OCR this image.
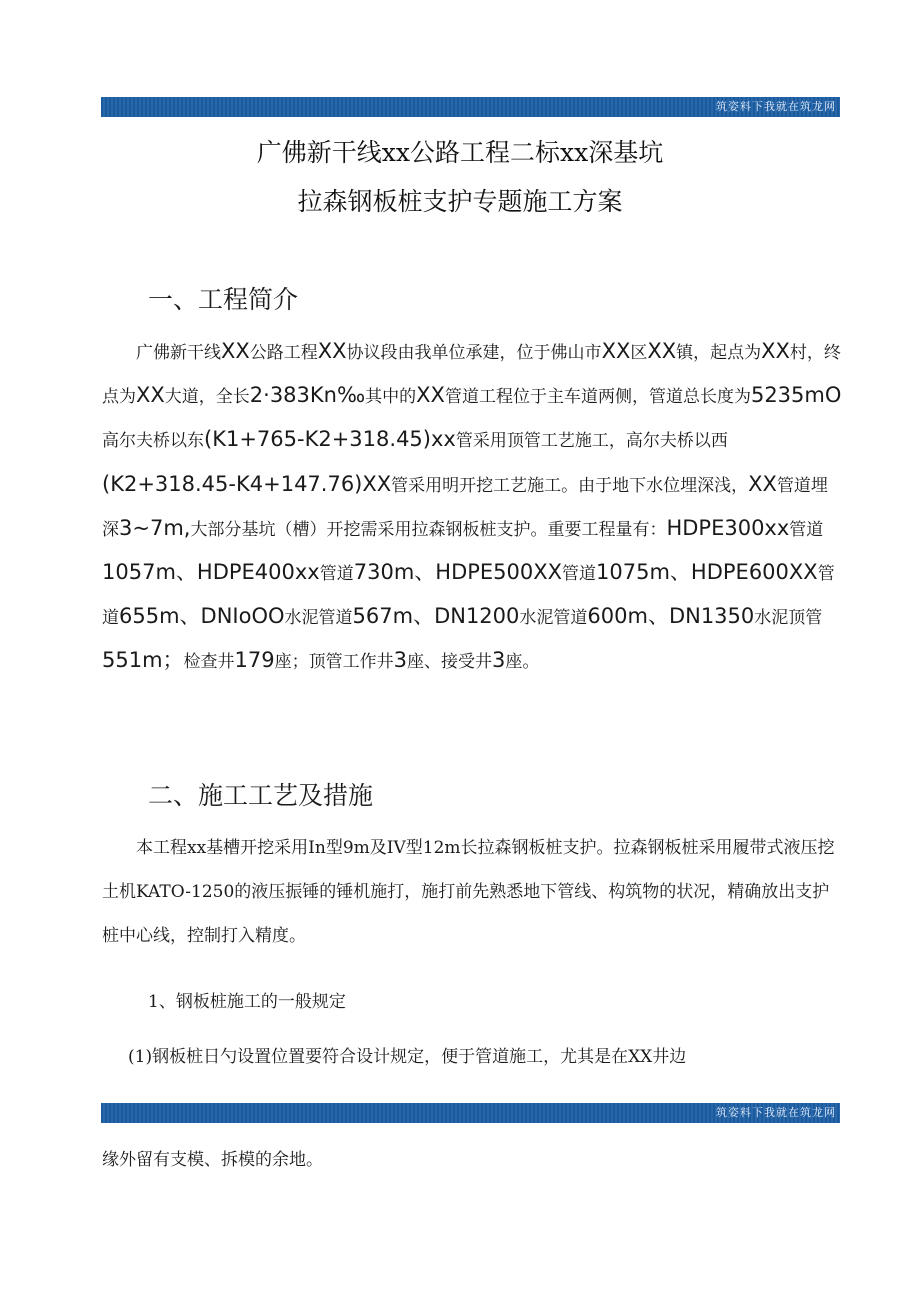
筑姿料下我就在筑龙网
广佛新干线xx公路工程二标xx深基坑
拉森钢板桩支护专题施工方案
一、工程简介

广佛新干线XX公路工程XX协议段由我单位承建，位于佛山市XX区XX镇，起点为XX村，终点为XX大道，全长2·383Kn‰其中的XX管道工程位于主车道两侧，管道总长度为5235mO高尔夫桥以东(K1+765-K2+318.45)xx管采用顶管工艺施工，高尔夫桥以西(K2+318.45-K4+147.76)XX管采用明开挖工艺施工。由于地下水位埋深浅，XX管道埋深3~7m,大部分基坑（槽）开挖需采用拉森钢板桩支护。重要工程量有：HDPE300xx管道1057m、HDPE400xx管道730m、HDPE500XX管道1075m、HDPE600XX管道655m、DNIoOO水泥管道567m、DN1200水泥管道600m、DN1350水泥顶管551m；检查井179座；顶管工作井3座、接受井3座。

二、施工工艺及措施

本工程xx基槽开挖采用In型9m及IV型12m长拉森钢板桩支护。拉森钢板桩采用履带式液压挖土机KATO-1250的液压振锤的锤机施打，施打前先熟悉地下管线、构筑物的状况，精确放出支护桩中心线，控制打入精度。

1、钢板桩施工的一般规定
(1)钢板桩日勺设置位置要符合设计规定，便于管道施工，尤其是在XX井边
筑姿料下我就在筑龙网
缘外留有支模、拆模的余地。
